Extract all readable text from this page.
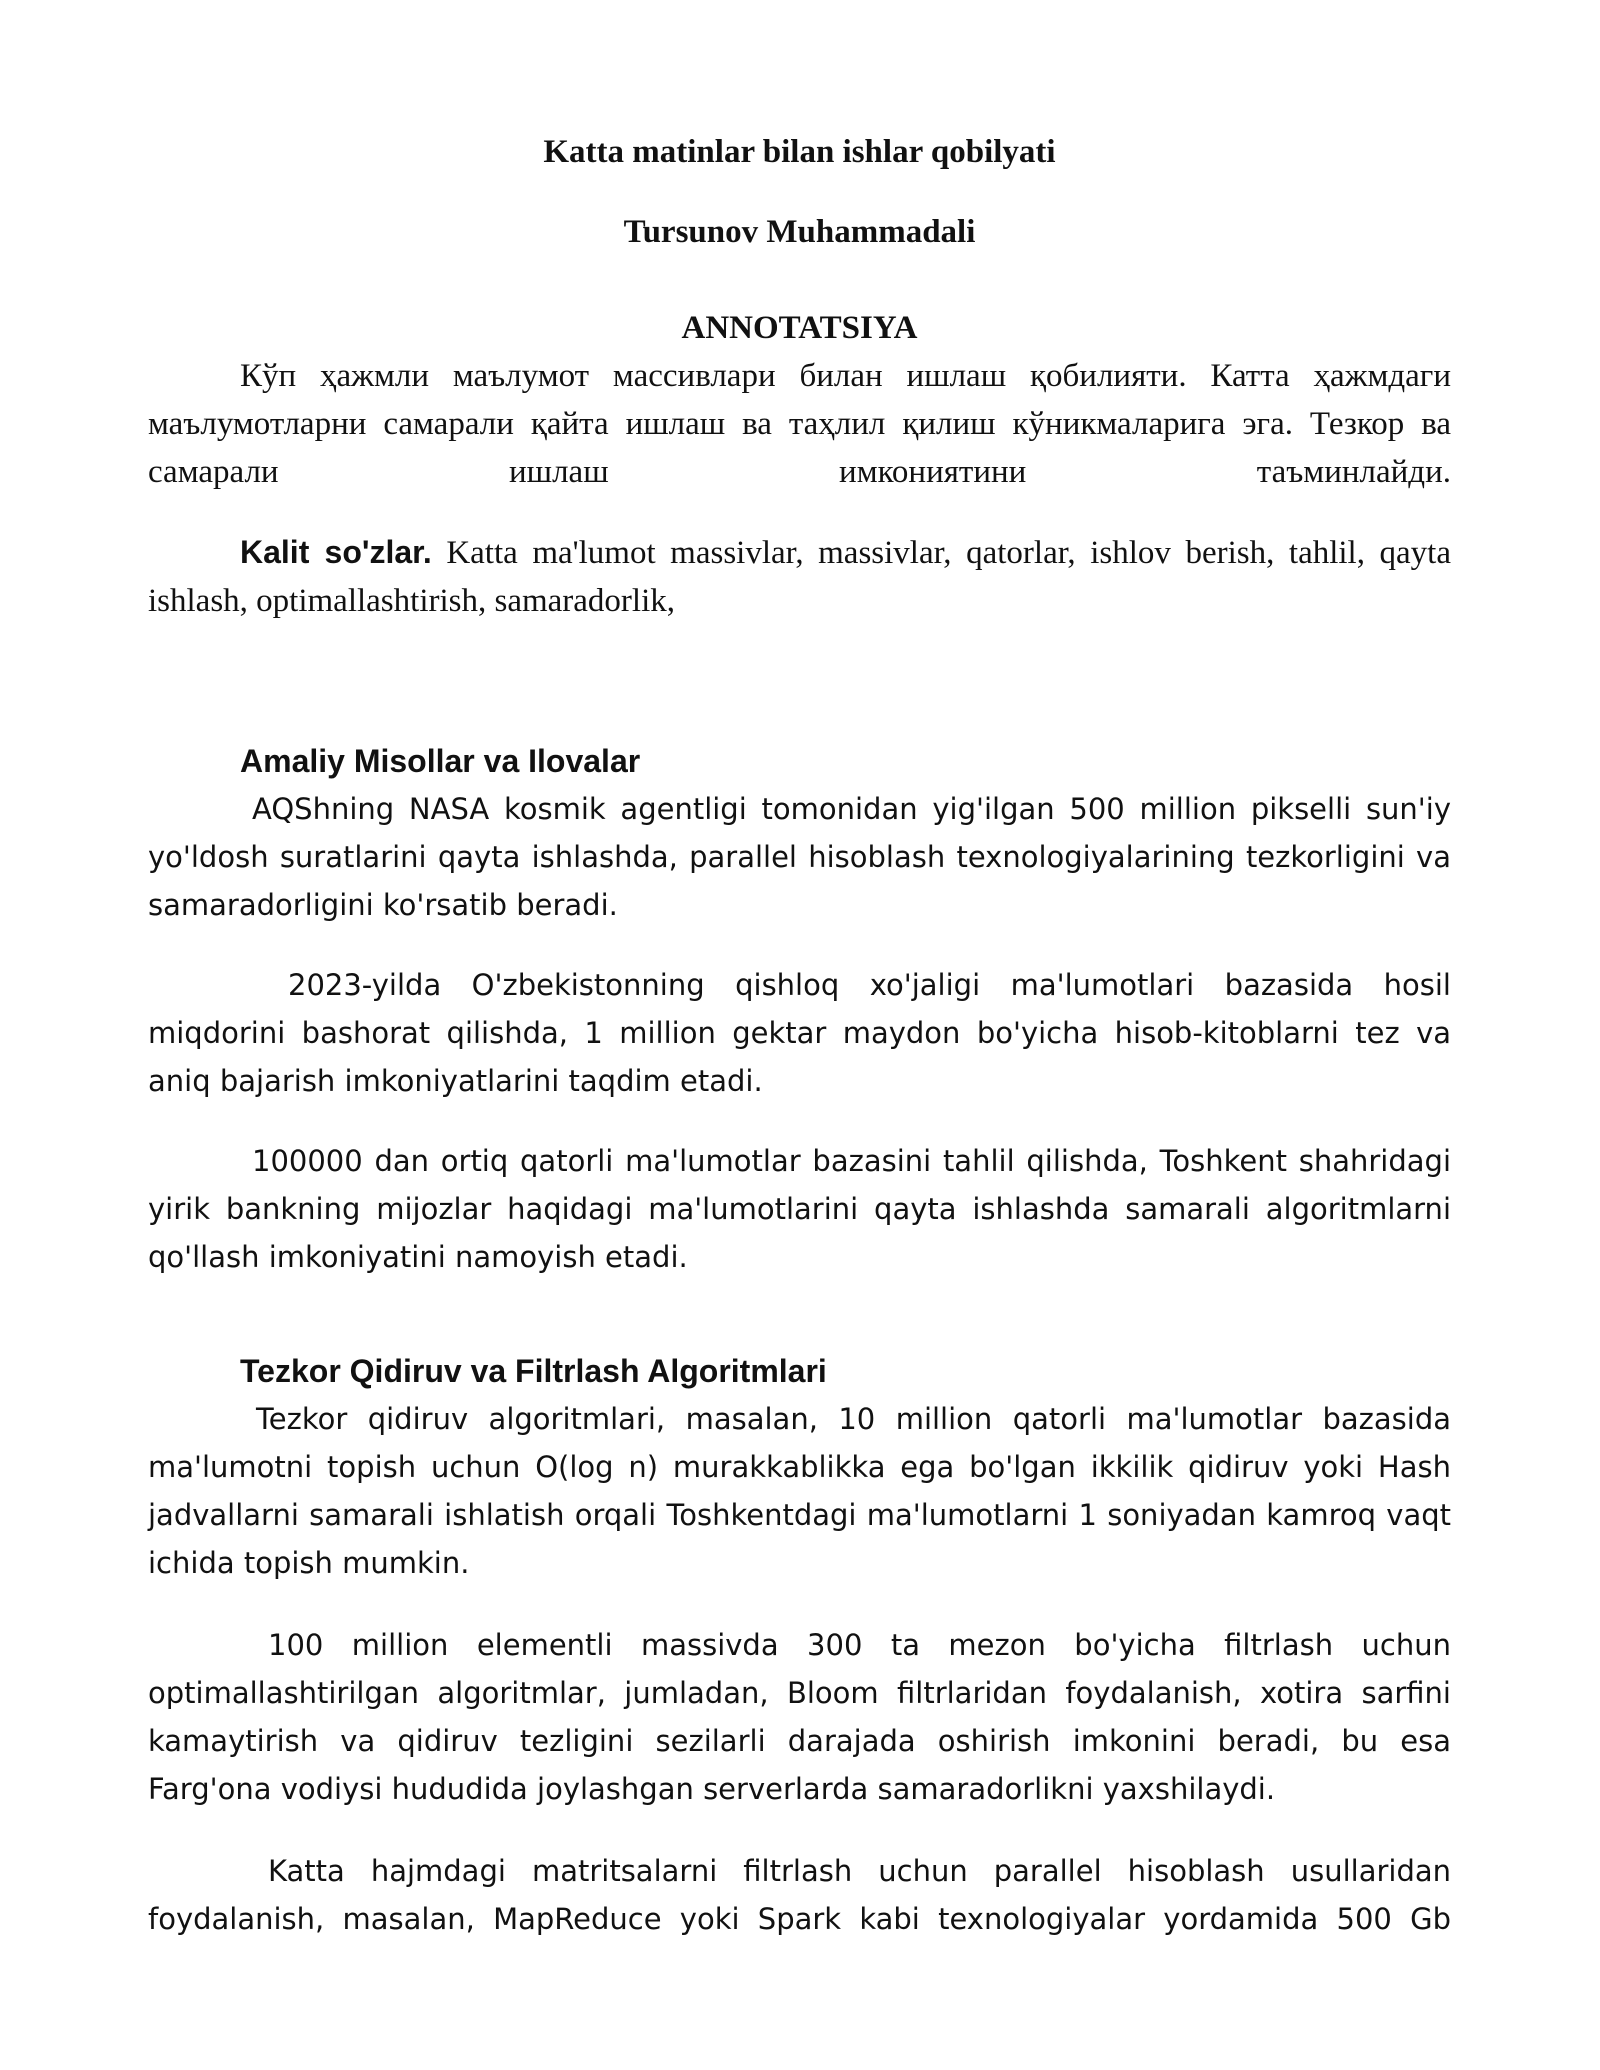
Katta matinlar bilan ishlar qobilyati
Tursunov Muhammadali
ANNOTATSIYA

Кўп ҳажмли маълумот массивлари билан ишлаш қобилияти. Катта ҳажмдаги маълумотларни самарали қайта ишлаш ва таҳлил қилиш кўникмаларига эга. Тезкор ва самарали ишлаш имкониятини таъминлайди.

Kalit so'zlar. Katta ma'lumot massivlar, massivlar, qatorlar, ishlov berish, tahlil, qayta ishlash, optimallashtirish, samaradorlik,

Amaliy Misollar va Ilovalar

AQShning NASA kosmik agentligi tomonidan yig'ilgan 500 million pikselli sun'iy yo'ldosh suratlarini qayta ishlashda, parallel hisoblash texnologiyalarining tezkorligini va samaradorligini ko'rsatib beradi.

2023-yilda O'zbekistonning qishloq xo'jaligi ma'lumotlari bazasida hosil miqdorini bashorat qilishda, 1 million gektar maydon bo'yicha hisob-kitoblarni tez va aniq bajarish imkoniyatlarini taqdim etadi.

100000 dan ortiq qatorli ma'lumotlar bazasini tahlil qilishda, Toshkent shahridagi yirik bankning mijozlar haqidagi ma'lumotlarini qayta ishlashda samarali algoritmlarni qo'llash imkoniyatini namoyish etadi.

Tezkor Qidiruv va Filtrlash Algoritmlari

Tezkor qidiruv algoritmlari, masalan, 10 million qatorli ma'lumotlar bazasida ma'lumotni topish uchun O(log n) murakkablikka ega bo'lgan ikkilik qidiruv yoki Hash jadvallarni samarali ishlatish orqali Toshkentdagi ma'lumotlarni 1 soniyadan kamroq vaqt ichida topish mumkin.

100 million elementli massivda 300 ta mezon bo'yicha filtrlash uchun optimallashtirilgan algoritmlar, jumladan, Bloom filtrlaridan foydalanish, xotira sarfini kamaytirish va qidiruv tezligini sezilarli darajada oshirish imkonini beradi, bu esa Farg'ona vodiysi hududida joylashgan serverlarda samaradorlikni yaxshilaydi.

Katta hajmdagi matritsalarni filtrlash uchun parallel hisoblash usullaridan foydalanish, masalan, MapReduce yoki Spark kabi texnologiyalar yordamida 500 Gb
